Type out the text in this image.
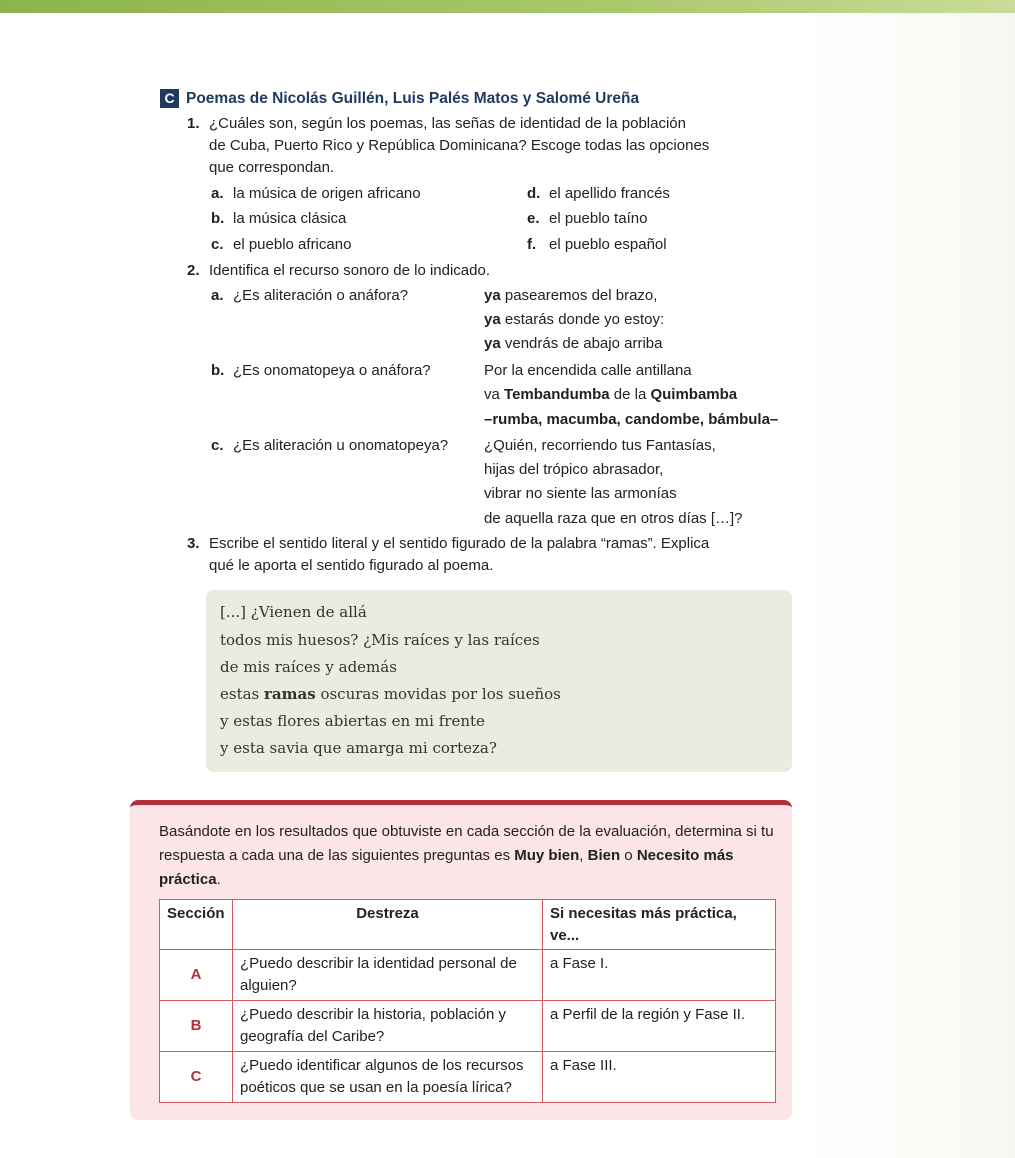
C Poemas de Nicolás Guillén, Luis Palés Matos y Salomé Ureña
1. ¿Cuáles son, según los poemas, las señas de identidad de la población
de Cuba, Puerto Rico y República Dominicana? Escoge todas las opciones
que correspondan.
a. la música de origen africano
b. la música clásica
c. el pueblo africano
d. el apellido francés
e. el pueblo taíno
f. el pueblo español
2. Identifica el recurso sonoro de lo indicado.
a. ¿Es aliteración o anáfora?	ya pasearemos del brazo,
ya estarás donde yo estoy:
ya vendrás de abajo arriba
b. ¿Es onomatopeya o anáfora?	Por la encendida calle antillana
va Tembandumba de la Quimbamba
–rumba, macumba, candombe, bámbula–
c. ¿Es aliteración u onomatopeya? ¿Quién, recorriendo tus Fantasías,
hijas del trópico abrasador,
vibrar no siente las armonías
de aquella raza que en otros días […]?
3. Escribe el sentido literal y el sentido figurado de la palabra “ramas”. Explica
qué le aporta el sentido figurado al poema.
[...] ¿Vienen de allá
todos mis huesos? ¿Mis raíces y las raíces
de mis raíces y además
estas ramas oscuras movidas por los sueños
y estas flores abiertas en mi frente
y esta savia que amarga mi corteza?
Basándote en los resultados que obtuviste en cada sección de la evaluación, determina si tu respuesta a cada una de las siguientes preguntas es Muy bien, Bien o Necesito más práctica.
Sección	Destreza	Si necesitas más práctica, ve...
A	¿Puedo describir la identidad personal de alguien?	a Fase I.
B	¿Puedo describir la historia, población y geografía del Caribe?	a Perfil de la región y Fase II.
C	¿Puedo identificar algunos de los recursos poéticos que se usan en la poesía lírica?	a Fase III.
